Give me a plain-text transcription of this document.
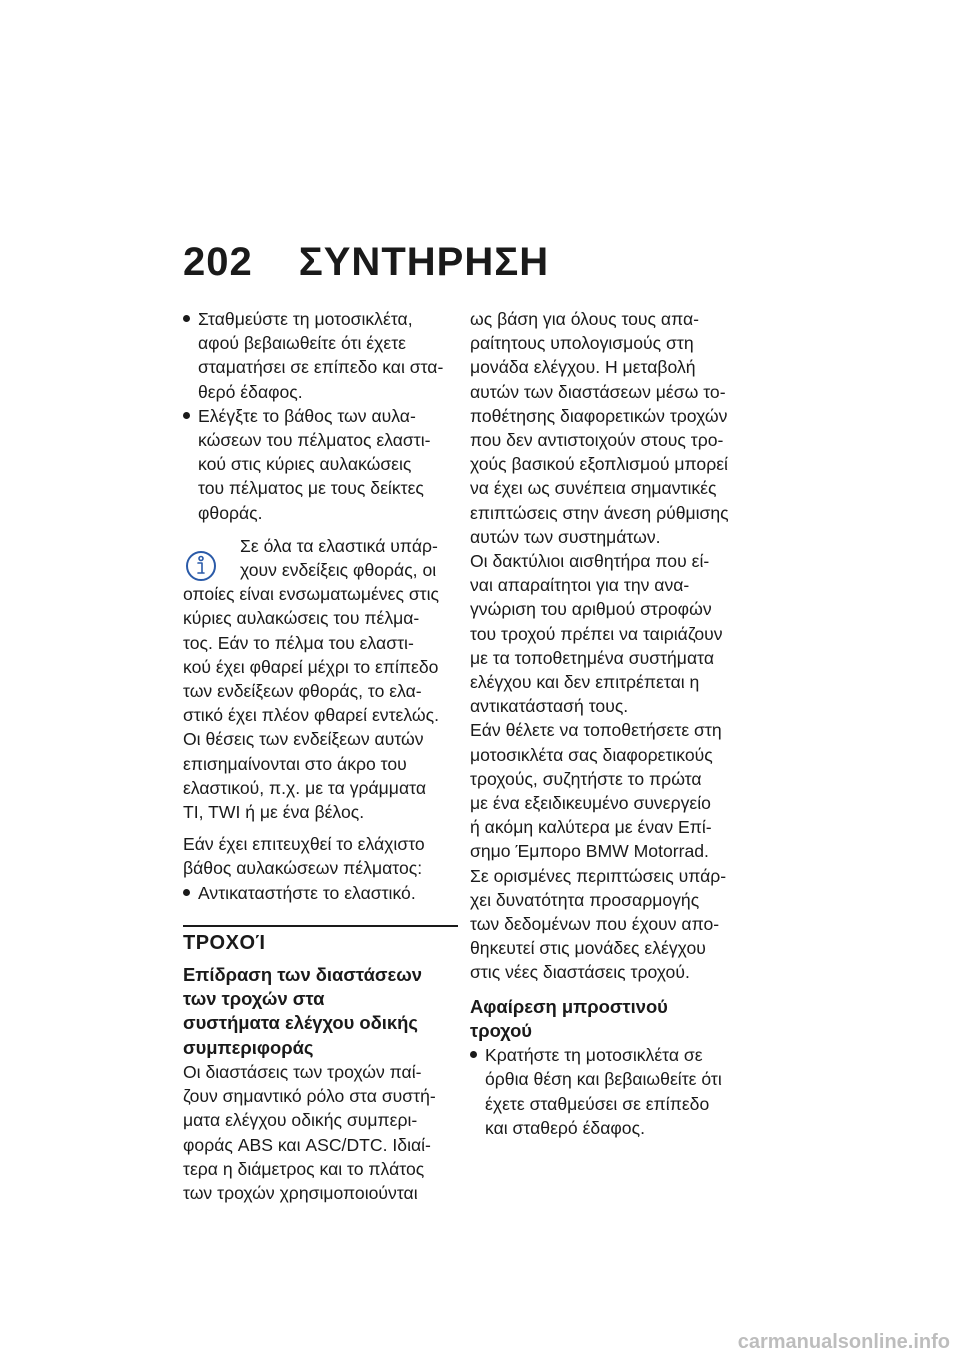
202 ΣΥΝΤΗΡΗΣΗ
Σταθμεύστε τη μοτοσικλέτα,
αφού βεβαιωθείτε ότι έχετε
σταματήσει σε επίπεδο και στα-
θερό έδαφος.
Ελέγξτε το βάθος των αυλα-
κώσεων του πέλματος ελαστι-
κού στις κύριες αυλακώσεις
του πέλματος με τους δείκτες
φθοράς.
Σε όλα τα ελαστικά υπάρ-
χουν ενδείξεις φθοράς, οι
οποίες είναι ενσωματωμένες στις
κύριες αυλακώσεις του πέλμα-
τος. Εάν το πέλμα του ελαστι-
κού έχει φθαρεί μέχρι το επίπεδο
των ενδείξεων φθοράς, το ελα-
στικό έχει πλέον φθαρεί εντελώς.
Οι θέσεις των ενδείξεων αυτών
επισημαίνονται στο άκρο του
ελαστικού, π.χ. με τα γράμματα
TI, TWI ή με ένα βέλος.
Εάν έχει επιτευχθεί το ελάχιστο
βάθος αυλακώσεων πέλματος:
Αντικαταστήστε το ελαστικό.
ΤΡΟΧΟΊ
Επίδραση των διαστάσεων
των τροχών στα
συστήματα ελέγχου οδικής
συμπεριφοράς
Οι διαστάσεις των τροχών παί-
ζουν σημαντικό ρόλο στα συστή-
ματα ελέγχου οδικής συμπερι-
φοράς ABS και ASC/DTC. Ιδιαί-
τερα η διάμετρος και το πλάτος
των τροχών χρησιμοποιούνται
ως βάση για όλους τους απα-
ραίτητους υπολογισμούς στη
μονάδα ελέγχου. Η μεταβολή
αυτών των διαστάσεων μέσω το-
ποθέτησης διαφορετικών τροχών
που δεν αντιστοιχούν στους τρο-
χούς βασικού εξοπλισμού μπορεί
να έχει ως συνέπεια σημαντικές
επιπτώσεις στην άνεση ρύθμισης
αυτών των συστημάτων.
Οι δακτύλιοι αισθητήρα που εί-
ναι απαραίτητοι για την ανα-
γνώριση του αριθμού στροφών
του τροχού πρέπει να ταιριάζουν
με τα τοποθετημένα συστήματα
ελέγχου και δεν επιτρέπεται η
αντικατάστασή τους.
Εάν θέλετε να τοποθετήσετε στη
μοτοσικλέτα σας διαφορετικούς
τροχούς, συζητήστε το πρώτα
με ένα εξειδικευμένο συνεργείο
ή ακόμη καλύτερα με έναν Επί-
σημο Έμπορο BMW Motorrad.
Σε ορισμένες περιπτώσεις υπάρ-
χει δυνατότητα προσαρμογής
των δεδομένων που έχουν απο-
θηκευτεί στις μονάδες ελέγχου
στις νέες διαστάσεις τροχού.
Αφαίρεση μπροστινού
τροχού
Κρατήστε τη μοτοσικλέτα σε
όρθια θέση και βεβαιωθείτε ότι
έχετε σταθμεύσει σε επίπεδο
και σταθερό έδαφος.
carmanualsonline.info
